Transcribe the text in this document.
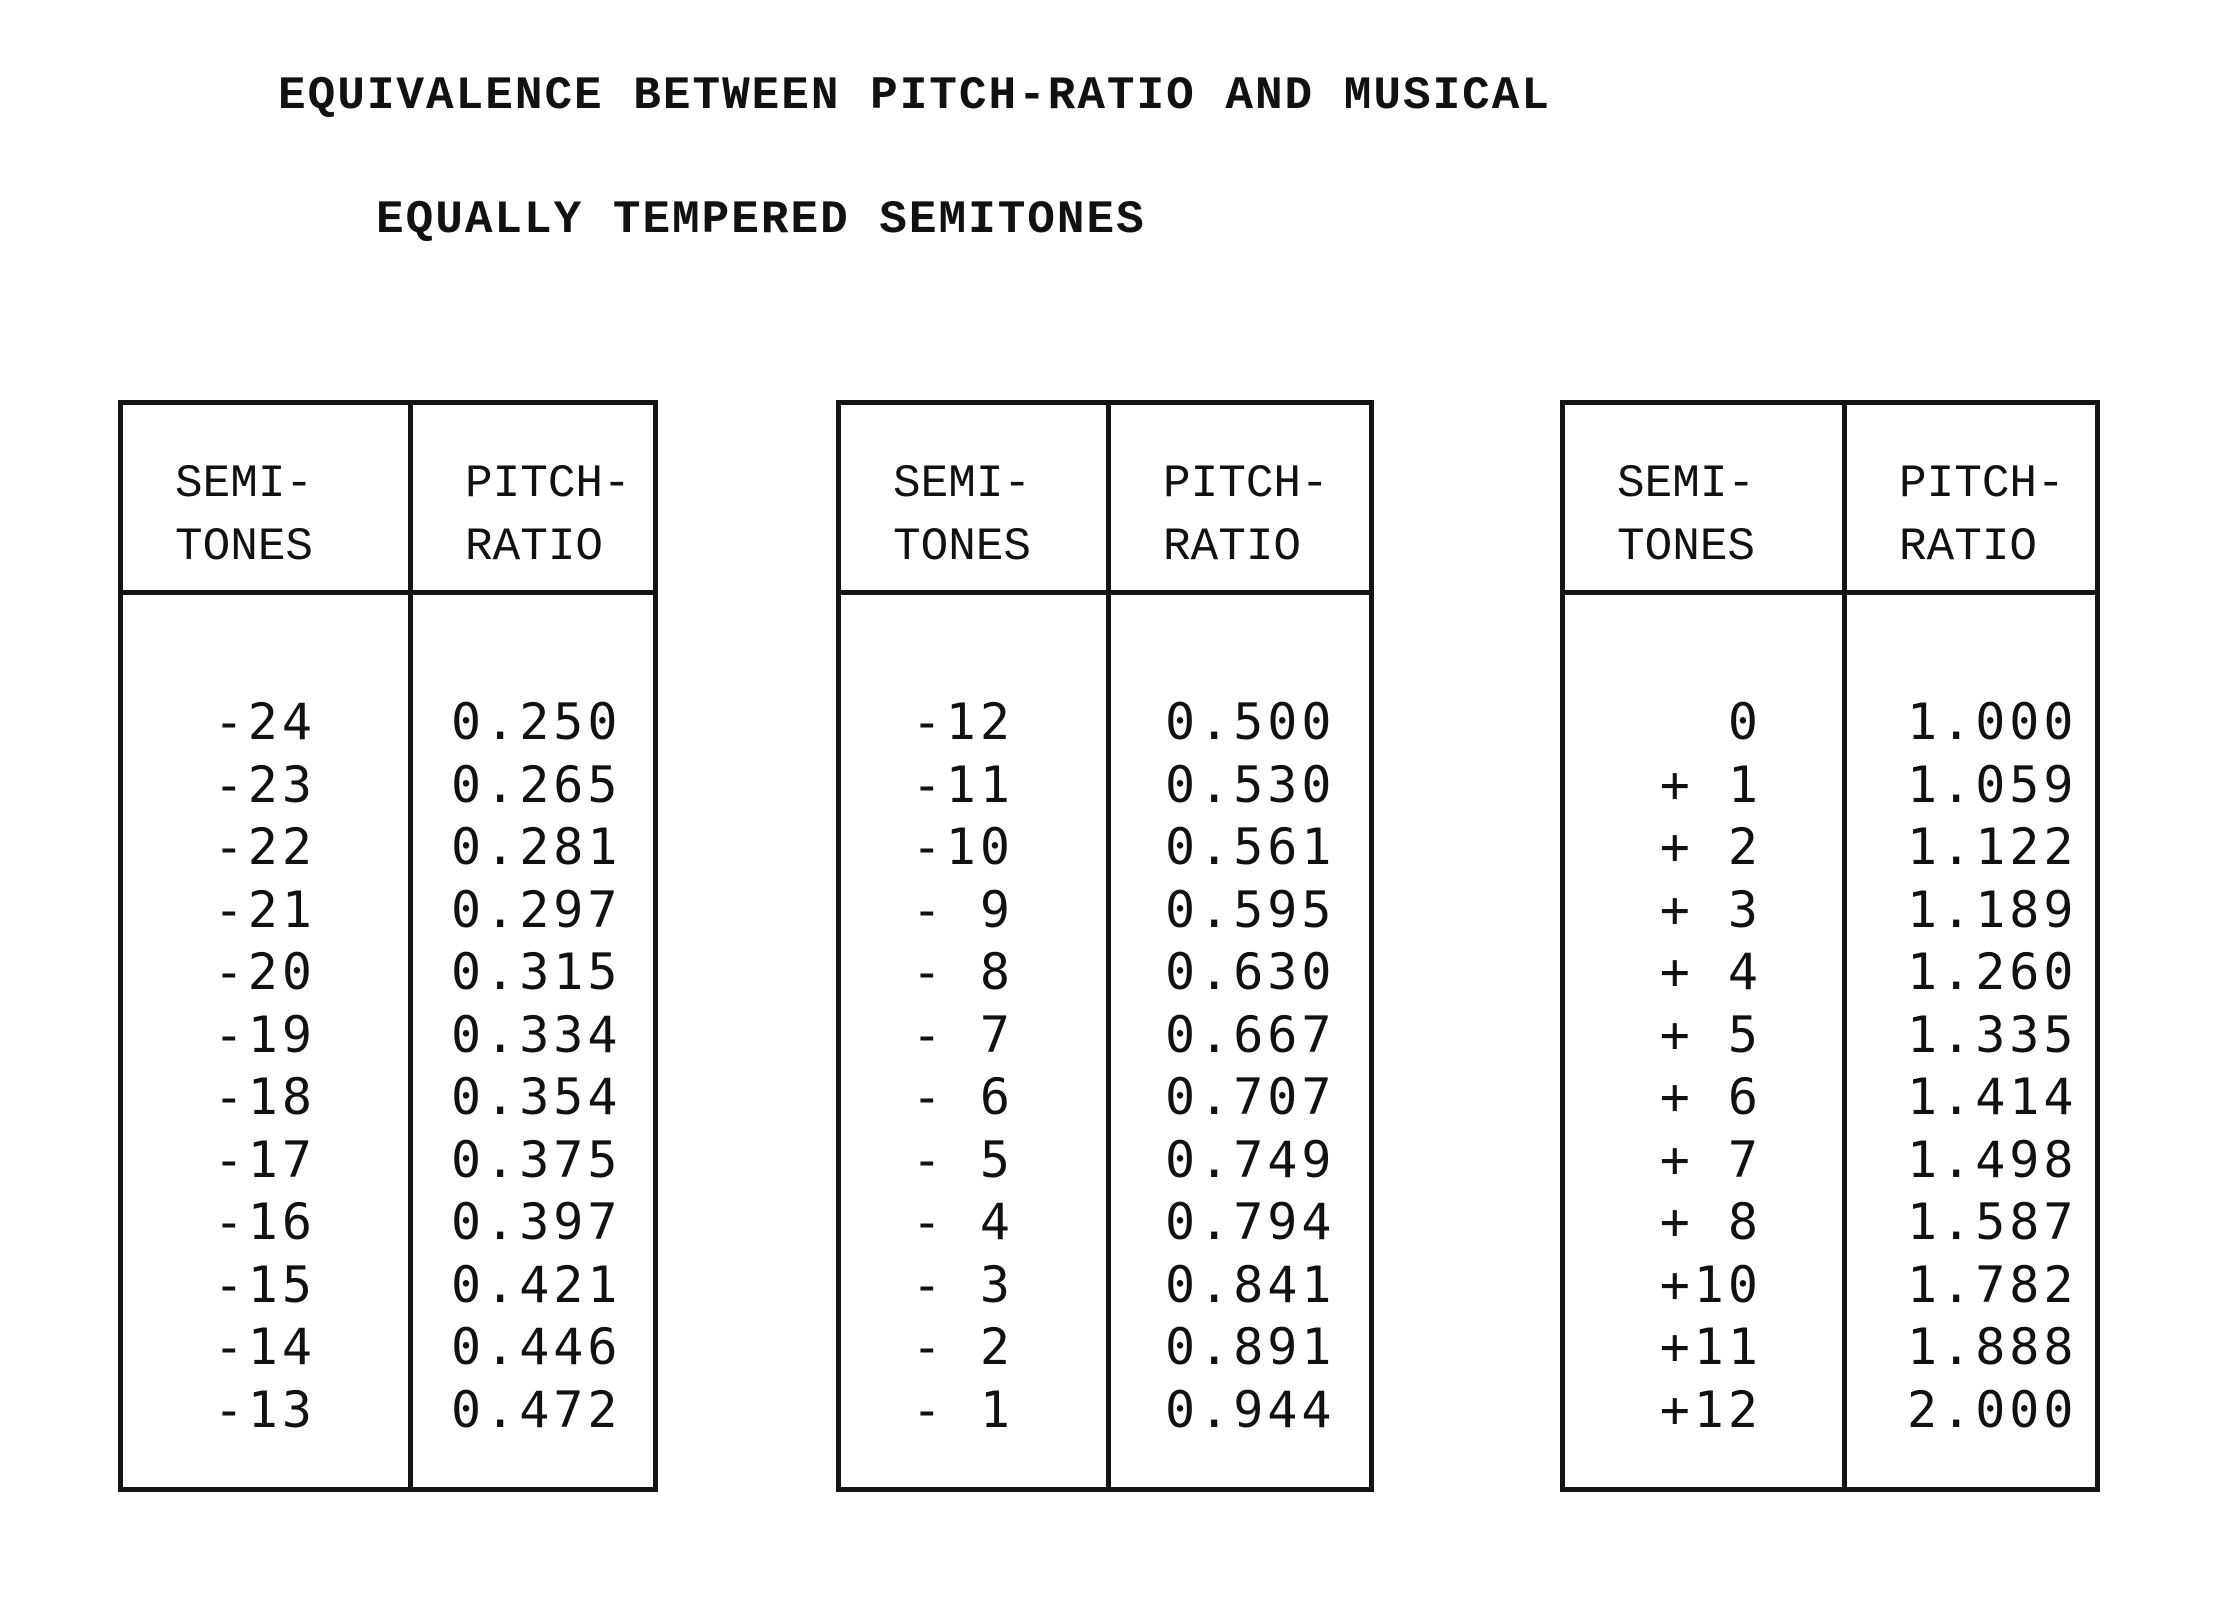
EQUIVALENCE BETWEEN PITCH-RATIO AND MUSICAL
EQUALLY TEMPERED SEMITONES
SEMI-
TONES
PITCH-
RATIO
-24
-23
-22
-21
-20
-19
-18
-17
-16
-15
-14
-13
0.250
0.265
0.281
0.297
0.315
0.334
0.354
0.375
0.397
0.421
0.446
0.472
SEMI-
TONES
PITCH-
RATIO
-12
-11
-10
- 9
- 8
- 7
- 6
- 5
- 4
- 3
- 2
- 1
0.500
0.530
0.561
0.595
0.630
0.667
0.707
0.749
0.794
0.841
0.891
0.944
SEMI-
TONES
PITCH-
RATIO
0
+ 1
+ 2
+ 3
+ 4
+ 5
+ 6
+ 7
+ 8
+10
+11
+12
1.000
1.059
1.122
1.189
1.260
1.335
1.414
1.498
1.587
1.782
1.888
2.000
